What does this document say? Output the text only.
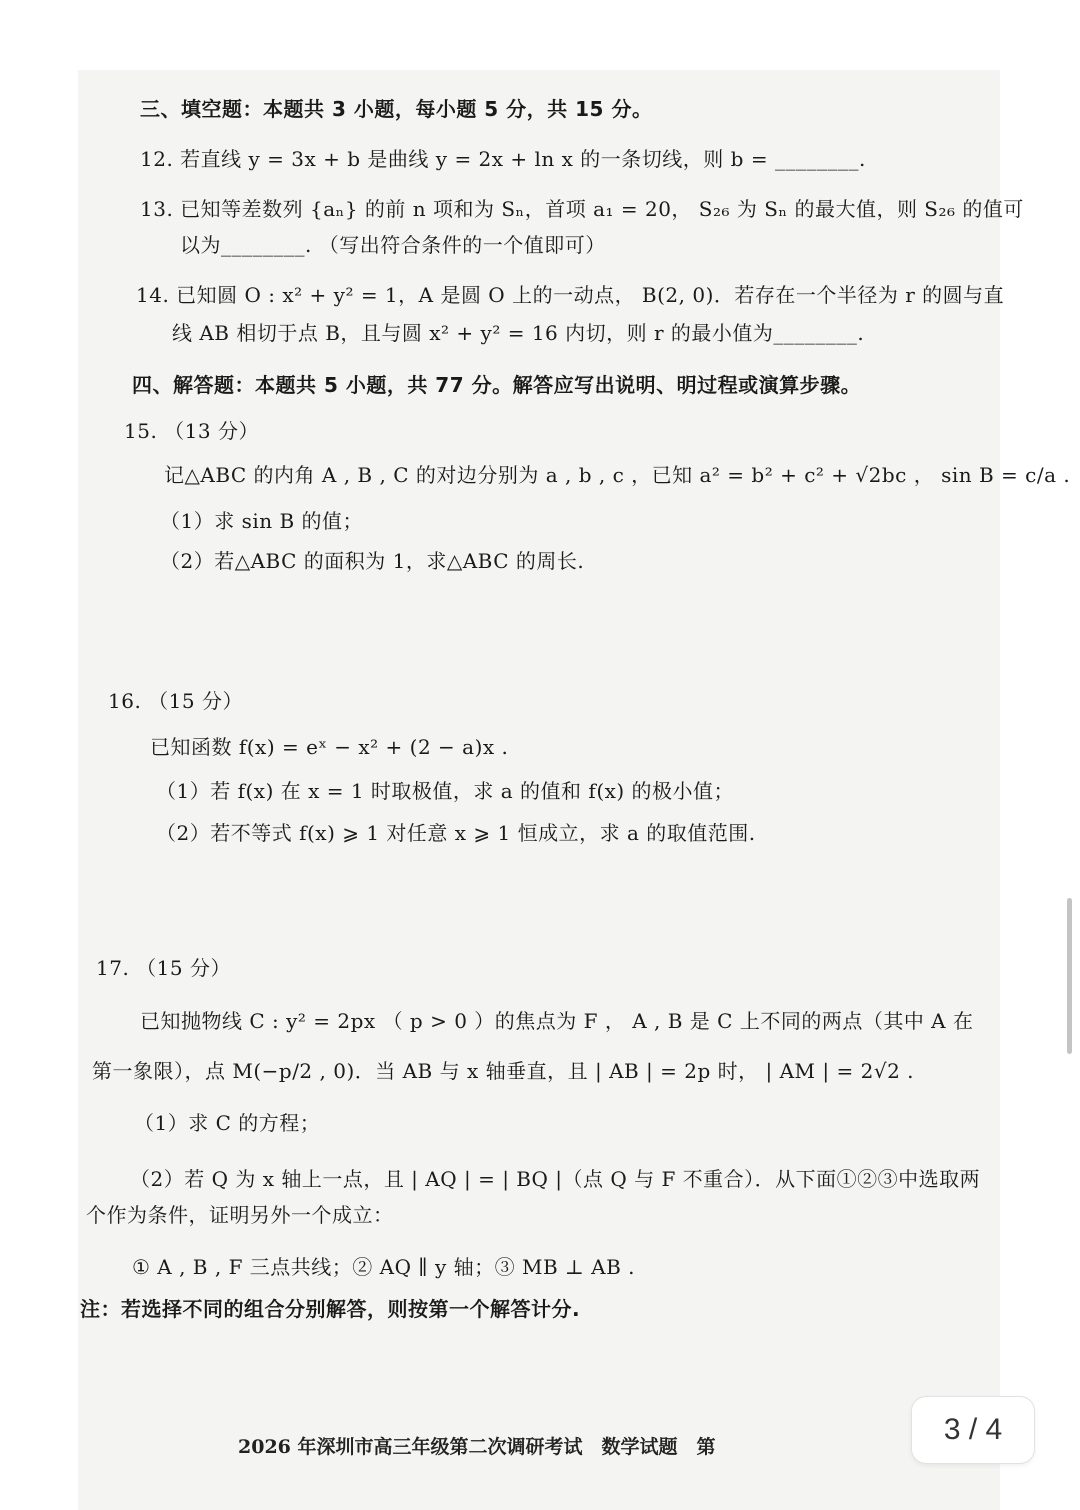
三、填空题：本题共 3 小题，每小题 5 分，共 15 分。
12. 若直线 y = 3x + b 是曲线 y = 2x + ln x 的一条切线，则 b = ________.
13. 已知等差数列 {aₙ} 的前 n 项和为 Sₙ，首项 a₁ = 20， S₂₆ 为 Sₙ 的最大值，则 S₂₆ 的值可
以为________. （写出符合条件的一个值即可）
14. 已知圆 O : x² + y² = 1，A 是圆 O 上的一动点， B(2, 0)．若存在一个半径为 r 的圆与直
线 AB 相切于点 B，且与圆 x² + y² = 16 内切，则 r 的最小值为________.
四、解答题：本题共 5 小题，共 77 分。解答应写出说明、明过程或演算步骤。
15. （13 分）
记△ABC 的内角 A , B , C 的对边分别为 a , b , c ，已知 a² = b² + c² + √2bc ， sin B = c/a .
（1）求 sin B 的值；
（2）若△ABC 的面积为 1，求△ABC 的周长.
16. （15 分）
已知函数 f(x) = eˣ − x² + (2 − a)x .
（1）若 f(x) 在 x = 1 时取极值，求 a 的值和 f(x) 的极小值；
（2）若不等式 f(x) ⩾ 1 对任意 x ⩾ 1 恒成立，求 a 的取值范围.
17. （15 分）
已知抛物线 C : y² = 2px （ p > 0 ）的焦点为 F ， A , B 是 C 上不同的两点（其中 A 在
第一象限），点 M(−p/2 , 0)．当 AB 与 x 轴垂直，且 | AB | = 2p 时， | AM | = 2√2 .
（1）求 C 的方程；
（2）若 Q 为 x 轴上一点，且 | AQ | = | BQ |（点 Q 与 F 不重合）．从下面①②③中选取两
个作为条件，证明另外一个成立：
① A , B , F 三点共线；② AQ ∥ y 轴；③ MB ⊥ AB .
注：若选择不同的组合分别解答，则按第一个解答计分.
2026 年深圳市高三年级第二次调研考试　数学试题　第
3 / 4
